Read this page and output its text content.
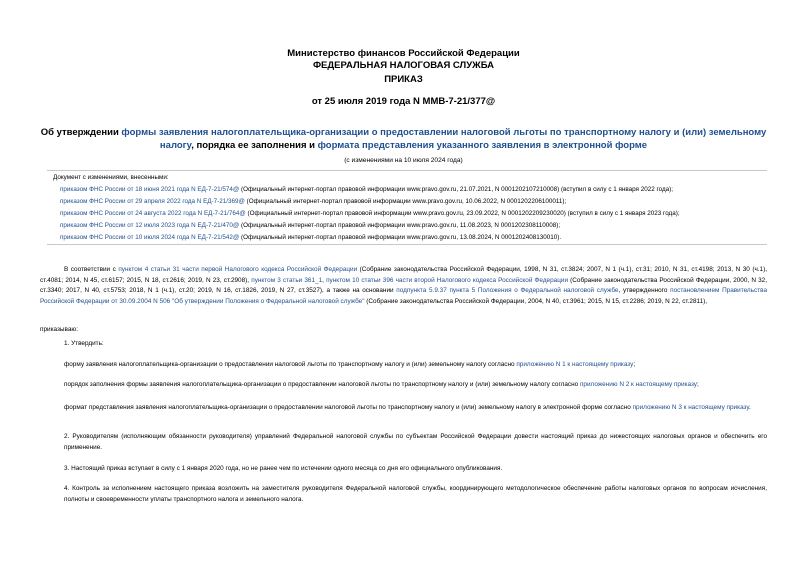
Министерство финансов Российской Федерации
ФЕДЕРАЛЬНАЯ НАЛОГОВАЯ СЛУЖБА
ПРИКАЗ
от 25 июля 2019 года N ММВ-7-21/377@
Об утверждении формы заявления налогоплательщика-организации о предоставлении налоговой льготы по транспортному налогу и (или) земельному налогу, порядка ее заполнения и формата представления указанного заявления в электронной форме
(с изменениями на 10 июля 2024 года)
Документ с изменениями, внесенными:
приказом ФНС России от 18 июня 2021 года N ЕД-7-21/574@ (Официальный интернет-портал правовой информации www.pravo.gov.ru, 21.07.2021, N 0001202107210008) (вступил в силу с 1 января 2022 года);
приказом ФНС России от 29 апреля 2022 года N ЕД-7-21/369@ (Официальный интернет-портал правовой информации www.pravo.gov.ru, 10.06.2022, N 0001202206100011);
приказом ФНС России от 24 августа 2022 года N ЕД-7-21/764@ (Официальный интернет-портал правовой информации www.pravo.gov.ru, 23.09.2022, N 0001202209230020) (вступил в силу с 1 января 2023 года);
приказом ФНС России от 12 июля 2023 года N ЕД-7-21/470@ (Официальный интернет-портал правовой информации www.pravo.gov.ru, 11.08.2023, N 0001202308110008);
приказом ФНС России от 10 июля 2024 года N ЕД-7-21/542@ (Официальный интернет-портал правовой информации www.pravo.gov.ru, 13.08.2024, N 0001202408130010).
В соответствии с пунктом 4 статьи 31 части первой Налогового кодекса Российской Федерации (Собрание законодательства Российской Федерации, 1998, N 31, ст.3824; 2007, N 1 (ч.1), ст.31; 2010, N 31, ст.4198; 2013, N 30 (ч.1), ст.4081; 2014, N 45, ст.6157; 2015, N 18, ст.2616; 2019, N 23, ст.2908), пунктом 3 статьи 361_1, пунктом 10 статьи 396 части второй Налогового кодекса Российской Федерации (Собрание законодательства Российской Федерации, 2000, N 32, ст.3340; 2017, N 40, ст.5753; 2018, N 1 (ч.1), ст.20; 2019, N 16, ст.1826, 2019, N 27, ст.3527), а также на основании подпункта 5.9.37 пункта 5 Положения о Федеральной налоговой службе, утвержденного постановлением Правительства Российской Федерации от 30.09.2004 N 506 "Об утверждении Положения о Федеральной налоговой службе" (Собрание законодательства Российской Федерации, 2004, N 40, ст.3961; 2015, N 15, ст.2286; 2019, N 22, ст.2811),
приказываю:
1. Утвердить:
форму заявления налогоплательщика-организации о предоставлении налоговой льготы по транспортному налогу и (или) земельному налогу согласно приложению N 1 к настоящему приказу;
порядок заполнения формы заявления налогоплательщика-организации о предоставлении налоговой льготы по транспортному налогу и (или) земельному налогу согласно приложению N 2 к настоящему приказу;
формат представления заявления налогоплательщика-организации о предоставлении налоговой льготы по транспортному налогу и (или) земельному налогу в электронной форме согласно приложению N 3 к настоящему приказу.
2. Руководителям (исполняющим обязанности руководителя) управлений Федеральной налоговой службы по субъектам Российской Федерации довести настоящий приказ до нижестоящих налоговых органов и обеспечить его применение.
3. Настоящий приказ вступает в силу с 1 января 2020 года, но не ранее чем по истечении одного месяца со дня его официального опубликования.
4. Контроль за исполнением настоящего приказа возложить на заместителя руководителя Федеральной налоговой службы, координирующего методологическое обеспечение работы налоговых органов по вопросам исчисления, полноты и своевременности уплаты транспортного налога и земельного налога.
